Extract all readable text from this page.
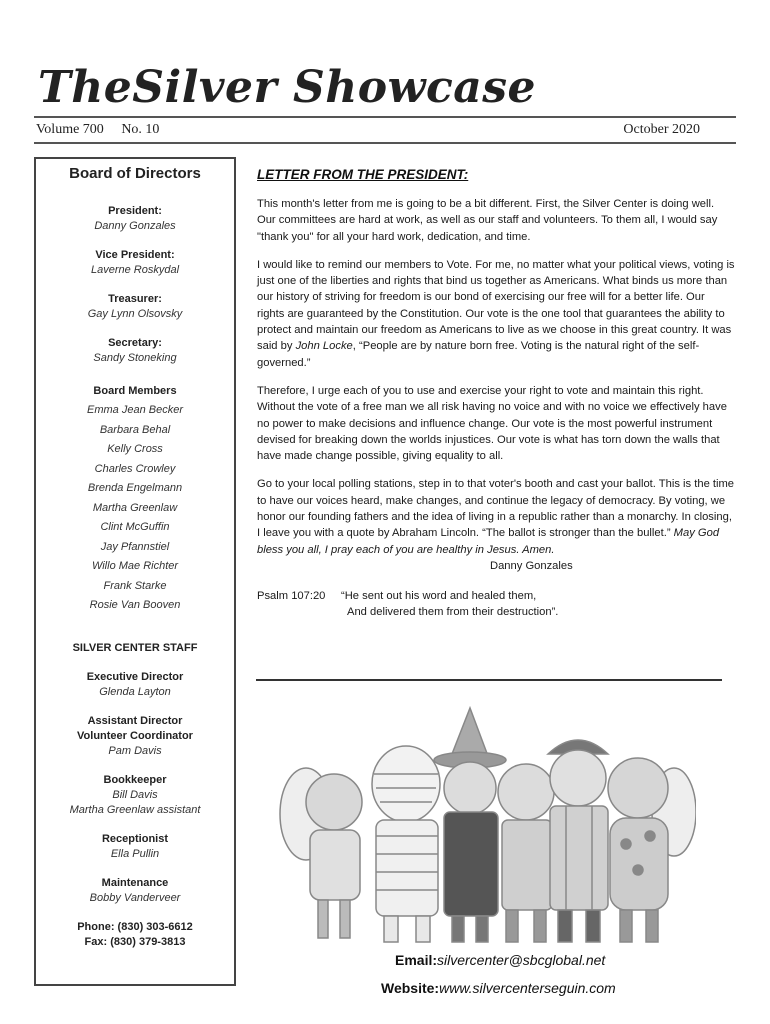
TheSilver Showcase
Volume 700 No. 10	October 2020
Board of Directors
President:
Danny Gonzales
Vice President:
Laverne Roskydal
Treasurer:
Gay Lynn Olsovsky
Secretary:
Sandy Stoneking
Board Members
Emma Jean Becker
Barbara Behal
Kelly Cross
Charles Crowley
Brenda Engelmann
Martha Greenlaw
Clint McGuffin
Jay Pfannstiel
Willo Mae Richter
Frank Starke
Rosie Van Booven
SILVER CENTER STAFF
Executive Director
Glenda Layton
Assistant Director
Volunteer Coordinator
Pam Davis
Bookkeeper
Bill Davis
Martha Greenlaw assistant
Receptionist
Ella Pullin
Maintenance
Bobby Vanderveer
Phone: (830) 303-6612
Fax: (830) 379-3813
LETTER FROM THE PRESIDENT:

This month's letter from me is going to be a bit different. First, the Silver Center is doing well. Our committees are hard at work, as well as our staff and volunteers. To them all, I would say "thank you" for all your hard work, dedication, and time.

I would like to remind our members to Vote. For me, no matter what your political views, voting is just one of the liberties and rights that bind us together as Americans. What binds us more than our history of striving for freedom is our bond of exercising our free will for a better life. Our rights are guaranteed by the Constitution. Our vote is the one tool that guarantees the ability to protect and maintain our freedom as Americans to live as we choose in this great country. It was said by John Locke, “People are by nature born free. Voting is the natural right of the self-governed.”

Therefore, I urge each of you to use and exercise your right to vote and maintain this right. Without the vote of a free man we all risk having no voice and with no voice we effectively have no power to make decisions and influence change. Our vote is the most powerful instrument devised for breaking down the worlds injustices. Our vote is what has torn down the walls that have made change possible, giving equality to all.

Go to your local polling stations, step in to that voter's booth and cast your ballot. This is the time to have our voices heard, make changes, and continue the legacy of democracy. By voting, we honor our founding fathers and the idea of living in a republic rather than a monarchy. In closing, I leave you with a quote by Abraham Lincoln. “The ballot is stronger than the bullet.” May God bless you all, I pray each of you are healthy in Jesus. Amen.

Danny Gonzales
Psalm 107:20	“He sent out his word and healed them,
And delivered them from their destruction”.
Email:silvercenter@sbcglobal.net
Website:www.silvercenterseguin.com
